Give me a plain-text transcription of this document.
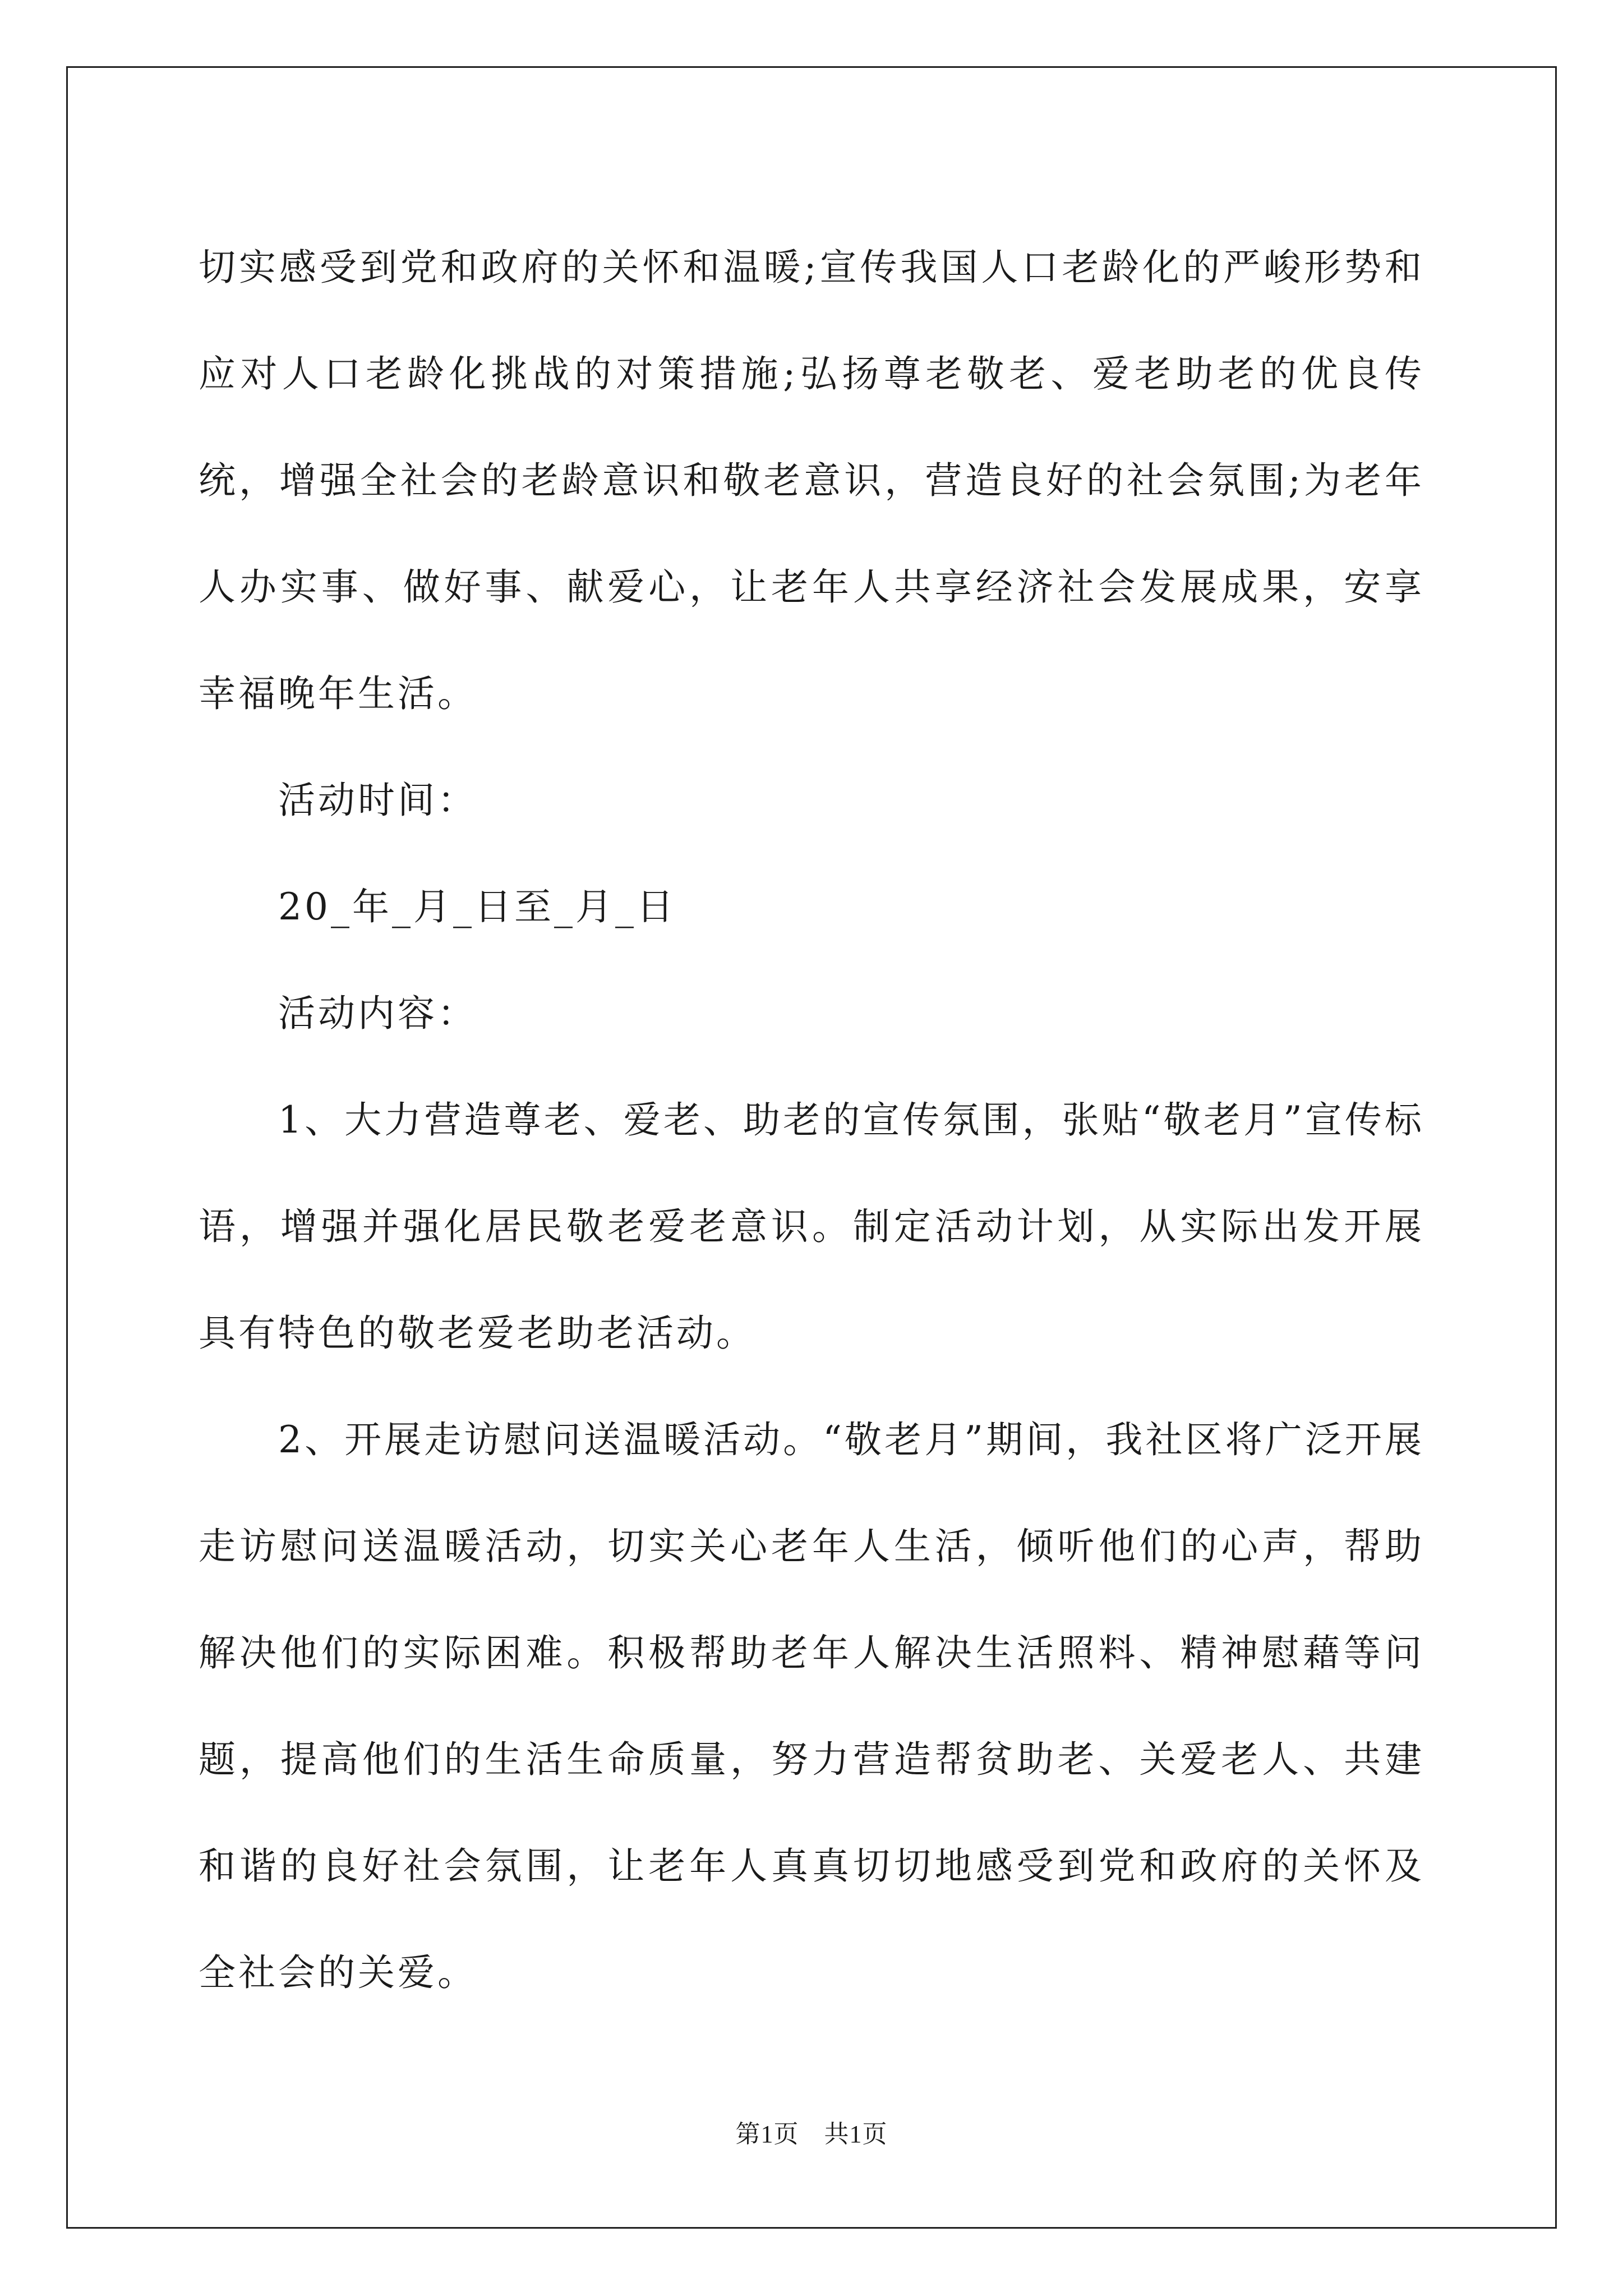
切实感受到党和政府的关怀和温暖;宣传我国人口老龄化的严峻形势和应对人口老龄化挑战的对策措施;弘扬尊老敬老、爱老助老的优良传统，增强全社会的老龄意识和敬老意识，营造良好的社会氛围;为老年人办实事、做好事、献爱心，让老年人共享经济社会发展成果，安享幸福晚年生活。

活动时间：

20_年_月_日至_月_日

活动内容：

1、大力营造尊老、爱老、助老的宣传氛围，张贴“敬老月”宣传标语，增强并强化居民敬老爱老意识。制定活动计划，从实际出发开展具有特色的敬老爱老助老活动。

2、开展走访慰问送温暖活动。“敬老月”期间，我社区将广泛开展走访慰问送温暖活动，切实关心老年人生活，倾听他们的心声，帮助解决他们的实际困难。积极帮助老年人解决生活照料、精神慰藉等问题，提高他们的生活生命质量，努力营造帮贫助老、关爱老人、共建和谐的良好社会氛围，让老年人真真切切地感受到党和政府的关怀及全社会的关爱。

第1页　共1页
